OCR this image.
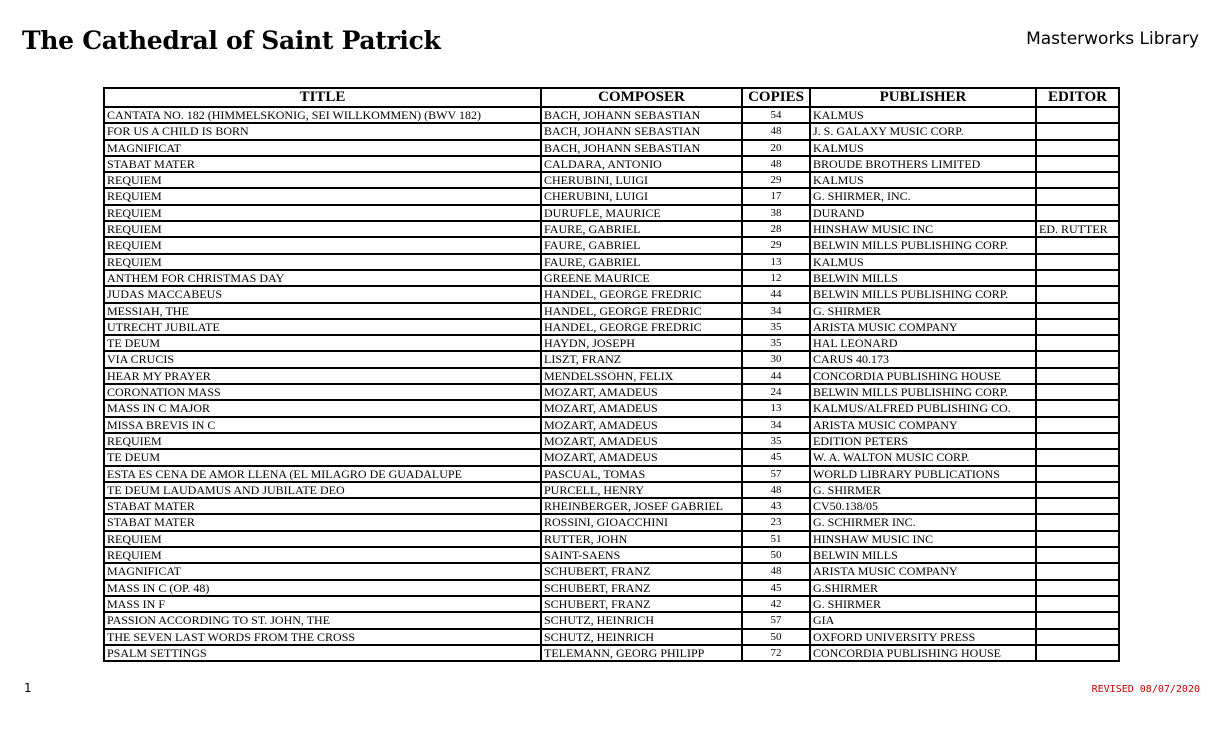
The Cathedral of Saint Patrick	Masterworks Library
TITLE	COMPOSER	COPIES	PUBLISHER	EDITOR
CANTATA NO. 182 (HIMMELSKONIG, SEI WILLKOMMEN) (BWV 182)	BACH, JOHANN SEBASTIAN	54	KALMUS	
FOR US A CHILD IS BORN	BACH, JOHANN SEBASTIAN	48	J. S. GALAXY MUSIC CORP.	
MAGNIFICAT	BACH, JOHANN SEBASTIAN	20	KALMUS	
STABAT MATER	CALDARA, ANTONIO	48	BROUDE BROTHERS LIMITED	
REQUIEM	CHERUBINI, LUIGI	29	KALMUS	
REQUIEM	CHERUBINI, LUIGI	17	G. SHIRMER, INC.	
REQUIEM	DURUFLE, MAURICE	38	DURAND	
REQUIEM	FAURE, GABRIEL	28	HINSHAW MUSIC INC	ED. RUTTER
REQUIEM	FAURE, GABRIEL	29	BELWIN MILLS PUBLISHING CORP.	
REQUIEM	FAURE, GABRIEL	13	KALMUS	
ANTHEM FOR CHRISTMAS DAY	GREENE MAURICE	12	BELWIN MILLS	
JUDAS MACCABEUS	HANDEL, GEORGE FREDRIC	44	BELWIN MILLS PUBLISHING CORP.	
MESSIAH, THE	HANDEL, GEORGE FREDRIC	34	G. SHIRMER	
UTRECHT JUBILATE	HANDEL, GEORGE FREDRIC	35	ARISTA MUSIC COMPANY	
TE DEUM	HAYDN, JOSEPH	35	HAL LEONARD	
VIA CRUCIS	LISZT, FRANZ	30	CARUS 40.173	
HEAR MY PRAYER	MENDELSSOHN, FELIX	44	CONCORDIA PUBLISHING HOUSE	
CORONATION MASS	MOZART, AMADEUS	24	BELWIN MILLS PUBLISHING CORP.	
MASS IN C MAJOR	MOZART, AMADEUS	13	KALMUS/ALFRED PUBLISHING CO.	
MISSA BREVIS IN C	MOZART, AMADEUS	34	ARISTA MUSIC COMPANY	
REQUIEM	MOZART, AMADEUS	35	EDITION PETERS	
TE DEUM	MOZART, AMADEUS	45	W. A. WALTON MUSIC CORP.	
ESTA ES CENA DE AMOR LLENA (EL MILAGRO DE GUADALUPE	PASCUAL, TOMAS	57	WORLD LIBRARY PUBLICATIONS	
TE DEUM LAUDAMUS AND JUBILATE DEO	PURCELL, HENRY	48	G. SHIRMER	
STABAT MATER	RHEINBERGER, JOSEF GABRIEL	43	CV50.138/05	
STABAT MATER	ROSSINI, GIOACCHINI	23	G. SCHIRMER INC.	
REQUIEM	RUTTER, JOHN	51	HINSHAW MUSIC INC	
REQUIEM	SAINT-SAENS	50	BELWIN MILLS	
MAGNIFICAT	SCHUBERT, FRANZ	48	ARISTA MUSIC COMPANY	
MASS IN C (OP. 48)	SCHUBERT, FRANZ	45	G.SHIRMER	
MASS IN F	SCHUBERT, FRANZ	42	G. SHIRMER	
PASSION ACCORDING TO ST. JOHN, THE	SCHUTZ, HEINRICH	57	GIA	
THE SEVEN LAST WORDS FROM THE CROSS	SCHUTZ, HEINRICH	50	OXFORD UNIVERSITY PRESS	
PSALM SETTINGS	TELEMANN, GEORG PHILIPP	72	CONCORDIA PUBLISHING HOUSE	
1	REVISED 08/07/2020
